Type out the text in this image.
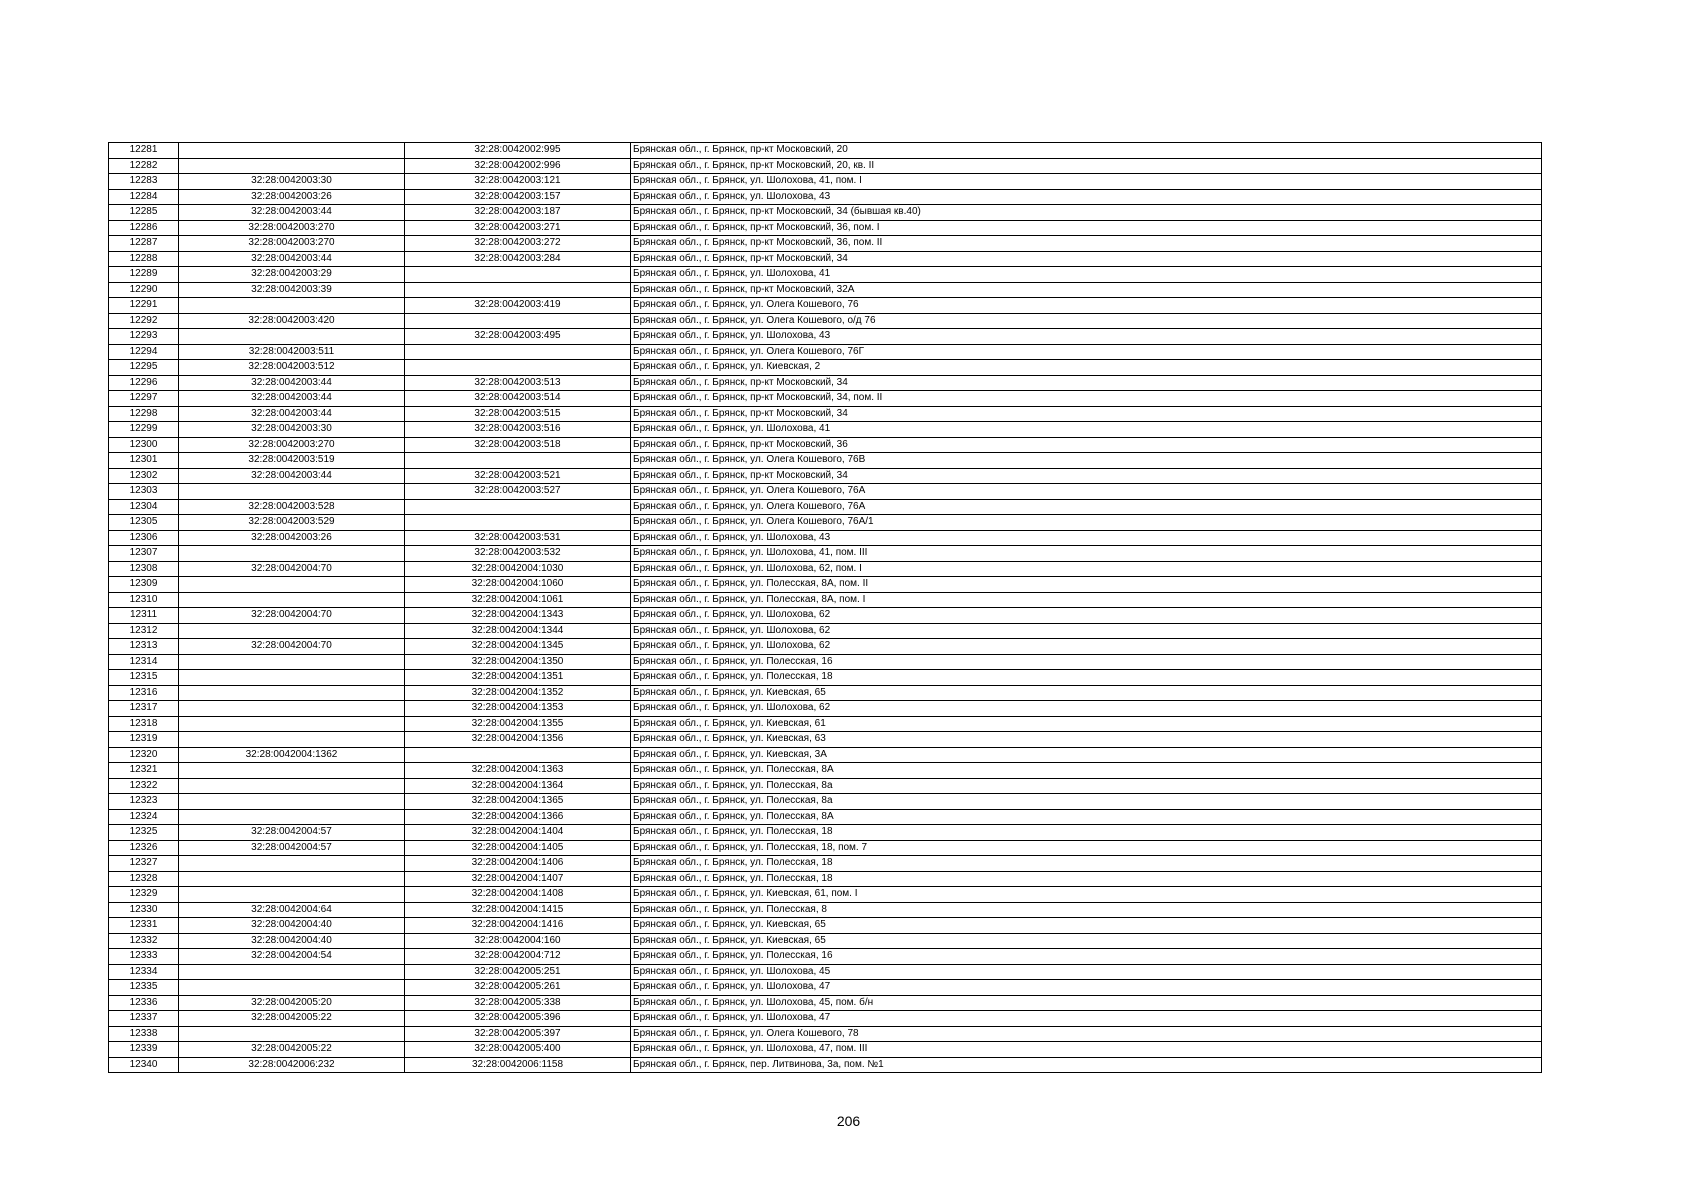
12281		32:28:0042002:995	Брянская обл., г. Брянск, пр-кт Московский, 20
12282		32:28:0042002:996	Брянская обл., г. Брянск, пр-кт Московский, 20, кв. II
12283	32:28:0042003:30	32:28:0042003:121	Брянская обл., г. Брянск, ул. Шолохова, 41, пом. I
12284	32:28:0042003:26	32:28:0042003:157	Брянская обл., г. Брянск, ул. Шолохова, 43
12285	32:28:0042003:44	32:28:0042003:187	Брянская обл., г. Брянск, пр-кт Московский, 34 (бывшая кв.40)
12286	32:28:0042003:270	32:28:0042003:271	Брянская обл., г. Брянск, пр-кт Московский, 36, пом. I
12287	32:28:0042003:270	32:28:0042003:272	Брянская обл., г. Брянск, пр-кт Московский, 36, пом. II
12288	32:28:0042003:44	32:28:0042003:284	Брянская обл., г. Брянск, пр-кт Московский, 34
12289	32:28:0042003:29		Брянская обл., г. Брянск, ул. Шолохова, 41
12290	32:28:0042003:39		Брянская обл., г. Брянск, пр-кт Московский, 32А
12291		32:28:0042003:419	Брянская обл., г. Брянск, ул. Олега Кошевого, 76
12292	32:28:0042003:420		Брянская обл., г. Брянск, ул. Олега Кошевого, о/д 76
12293		32:28:0042003:495	Брянская обл., г. Брянск, ул. Шолохова, 43
12294	32:28:0042003:511		Брянская обл., г. Брянск, ул. Олега Кошевого, 76Г
12295	32:28:0042003:512		Брянская обл., г. Брянск, ул. Киевская, 2
12296	32:28:0042003:44	32:28:0042003:513	Брянская обл., г. Брянск, пр-кт Московский, 34
12297	32:28:0042003:44	32:28:0042003:514	Брянская обл., г. Брянск, пр-кт Московский, 34, пом. II
12298	32:28:0042003:44	32:28:0042003:515	Брянская обл., г. Брянск, пр-кт Московский, 34
12299	32:28:0042003:30	32:28:0042003:516	Брянская обл., г. Брянск, ул. Шолохова, 41
12300	32:28:0042003:270	32:28:0042003:518	Брянская обл., г. Брянск, пр-кт Московский, 36
12301	32:28:0042003:519		Брянская обл., г. Брянск, ул. Олега Кошевого, 76В
12302	32:28:0042003:44	32:28:0042003:521	Брянская обл., г. Брянск, пр-кт Московский, 34
12303		32:28:0042003:527	Брянская обл., г. Брянск, ул. Олега Кошевого, 76А
12304	32:28:0042003:528		Брянская обл., г. Брянск, ул. Олега Кошевого, 76А
12305	32:28:0042003:529		Брянская обл., г. Брянск, ул. Олега Кошевого, 76А/1
12306	32:28:0042003:26	32:28:0042003:531	Брянская обл., г. Брянск, ул. Шолохова, 43
12307		32:28:0042003:532	Брянская обл., г. Брянск, ул. Шолохова, 41, пом. III
12308	32:28:0042004:70	32:28:0042004:1030	Брянская обл., г. Брянск, ул. Шолохова, 62, пом. I
12309		32:28:0042004:1060	Брянская обл., г. Брянск, ул. Полесская, 8А, пом. II
12310		32:28:0042004:1061	Брянская обл., г. Брянск, ул. Полесская, 8А, пом. I
12311	32:28:0042004:70	32:28:0042004:1343	Брянская обл., г. Брянск, ул. Шолохова, 62
12312		32:28:0042004:1344	Брянская обл., г. Брянск, ул. Шолохова, 62
12313	32:28:0042004:70	32:28:0042004:1345	Брянская обл., г. Брянск, ул. Шолохова, 62
12314		32:28:0042004:1350	Брянская обл., г. Брянск, ул. Полесская, 16
12315		32:28:0042004:1351	Брянская обл., г. Брянск, ул. Полесская, 18
12316		32:28:0042004:1352	Брянская обл., г. Брянск, ул. Киевская, 65
12317		32:28:0042004:1353	Брянская обл., г. Брянск, ул. Шолохова, 62
12318		32:28:0042004:1355	Брянская обл., г. Брянск, ул. Киевская, 61
12319		32:28:0042004:1356	Брянская обл., г. Брянск, ул. Киевская, 63
12320	32:28:0042004:1362		Брянская обл., г. Брянск, ул. Киевская, 3А
12321		32:28:0042004:1363	Брянская обл., г. Брянск, ул. Полесская, 8А
12322		32:28:0042004:1364	Брянская обл., г. Брянск, ул. Полесская, 8а
12323		32:28:0042004:1365	Брянская обл., г. Брянск, ул. Полесская, 8а
12324		32:28:0042004:1366	Брянская обл., г. Брянск, ул. Полесская, 8А
12325	32:28:0042004:57	32:28:0042004:1404	Брянская обл., г. Брянск, ул. Полесская, 18
12326	32:28:0042004:57	32:28:0042004:1405	Брянская обл., г. Брянск, ул. Полесская, 18, пом. 7
12327		32:28:0042004:1406	Брянская обл., г. Брянск, ул. Полесская, 18
12328		32:28:0042004:1407	Брянская обл., г. Брянск, ул. Полесская, 18
12329		32:28:0042004:1408	Брянская обл., г. Брянск, ул. Киевская, 61, пом. I
12330	32:28:0042004:64	32:28:0042004:1415	Брянская обл., г. Брянск, ул. Полесская, 8
12331	32:28:0042004:40	32:28:0042004:1416	Брянская обл., г. Брянск, ул. Киевская, 65
12332	32:28:0042004:40	32:28:0042004:160	Брянская обл., г. Брянск, ул. Киевская, 65
12333	32:28:0042004:54	32:28:0042004:712	Брянская обл., г. Брянск, ул. Полесская, 16
12334		32:28:0042005:251	Брянская обл., г. Брянск, ул. Шолохова, 45
12335		32:28:0042005:261	Брянская обл., г. Брянск, ул. Шолохова, 47
12336	32:28:0042005:20	32:28:0042005:338	Брянская обл., г. Брянск, ул. Шолохова, 45, пом. б/н
12337	32:28:0042005:22	32:28:0042005:396	Брянская обл., г. Брянск, ул. Шолохова, 47
12338		32:28:0042005:397	Брянская обл., г. Брянск, ул. Олега Кошевого, 78
12339	32:28:0042005:22	32:28:0042005:400	Брянская обл., г. Брянск, ул. Шолохова, 47, пом. III
12340	32:28:0042006:232	32:28:0042006:1158	Брянская обл., г. Брянск, пер. Литвинова, 3а, пом. №1
206
